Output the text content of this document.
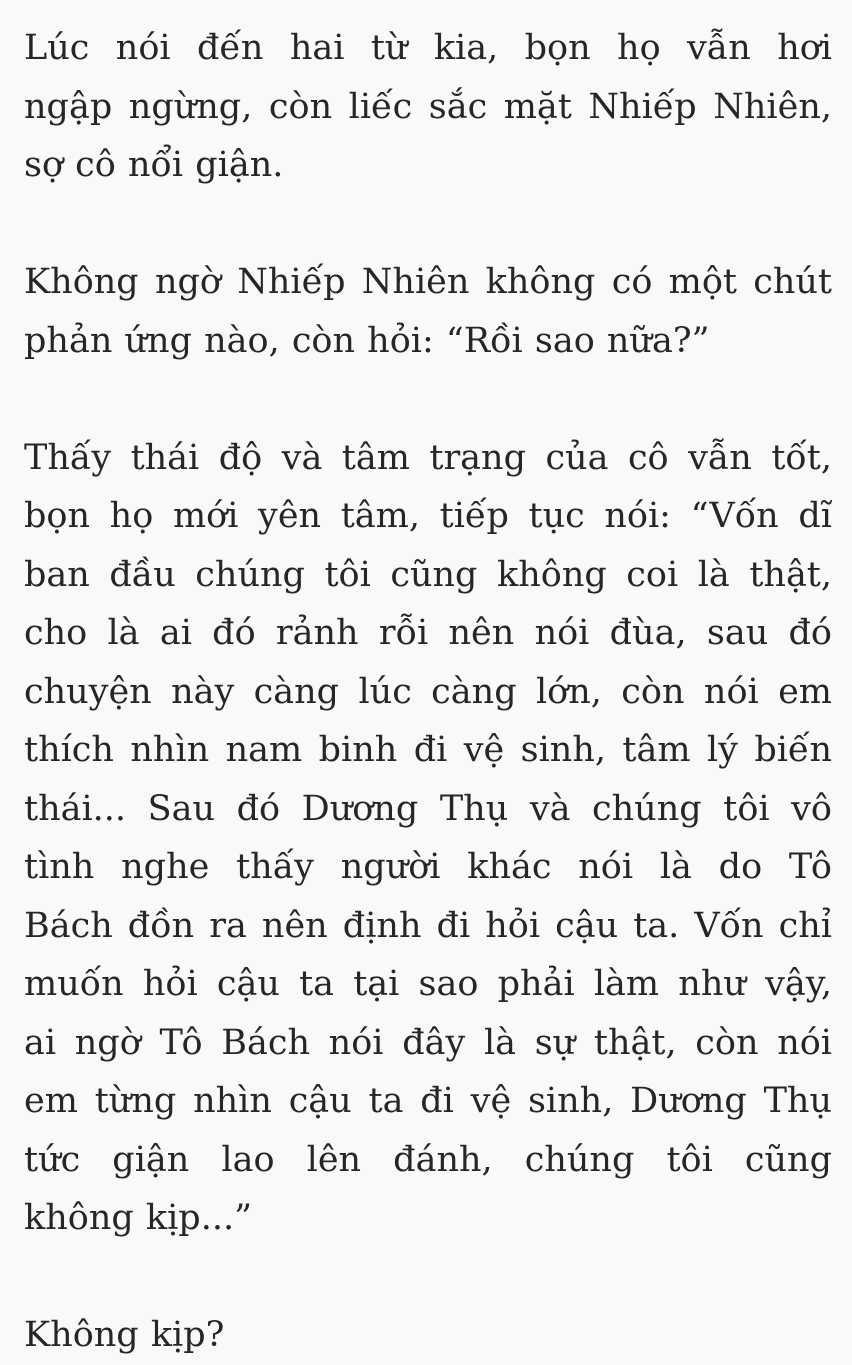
Lúc nói đến hai từ kia, bọn họ vẫn hơi
ngập ngừng, còn liếc sắc mặt Nhiếp Nhiên,
sợ cô nổi giận.
Không ngờ Nhiếp Nhiên không có một chút
phản ứng nào, còn hỏi: “Rồi sao nữa?”
Thấy thái độ và tâm trạng của cô vẫn tốt,
bọn họ mới yên tâm, tiếp tục nói: “Vốn dĩ
ban đầu chúng tôi cũng không coi là thật,
cho là ai đó rảnh rỗi nên nói đùa, sau đó
chuyện này càng lúc càng lớn, còn nói em
thích nhìn nam binh đi vệ sinh, tâm lý biến
thái... Sau đó Dương Thụ và chúng tôi vô
tình nghe thấy người khác nói là do Tô
Bách đồn ra nên định đi hỏi cậu ta. Vốn chỉ
muốn hỏi cậu ta tại sao phải làm như vậy,
ai ngờ Tô Bách nói đây là sự thật, còn nói
em từng nhìn cậu ta đi vệ sinh, Dương Thụ
tức giận lao lên đánh, chúng tôi cũng
không kịp...”
Không kịp?
